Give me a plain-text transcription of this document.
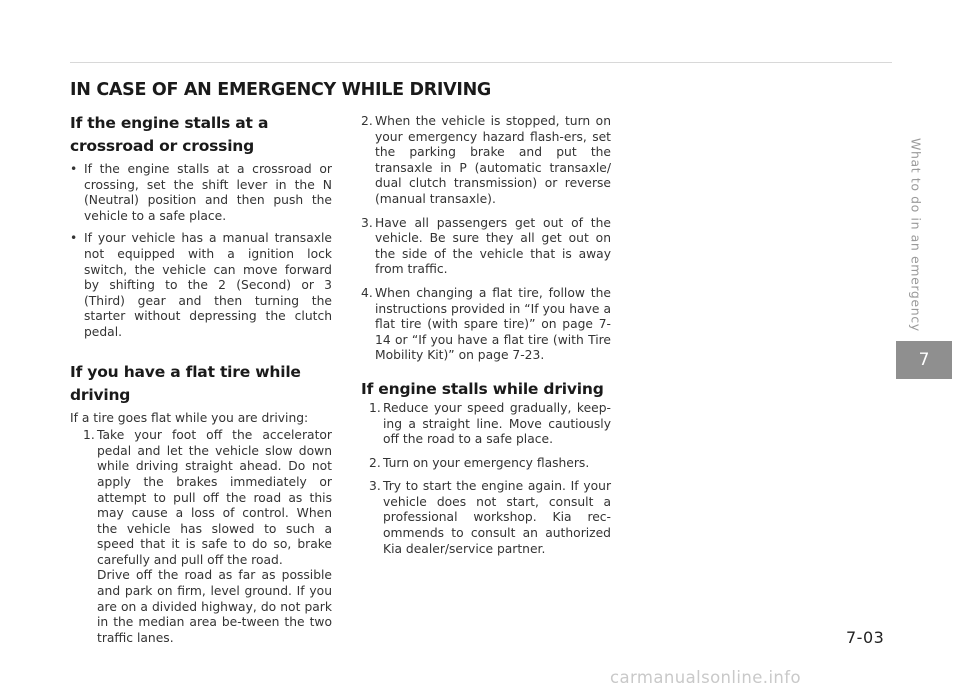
IN CASE OF AN EMERGENCY WHILE DRIVING
If the engine stalls at a
crossroad or crossing
• If the engine stalls at a crossroad or crossing, set the shift lever in the N (Neutral) position and then push the vehicle to a safe place.
• If your vehicle has a manual transaxle not equipped with a ignition lock switch, the vehicle can move forward by shifting to the 2 (Second) or 3 (Third) gear and then turning the starter without depressing the clutch pedal.
If you have a flat tire while
driving

If a tire goes flat while you are driving:

1. Take your foot off the accelerator pedal and let the vehicle slow down while driving straight ahead. Do not apply the brakes immediately or attempt to pull off the road as this may cause a loss of control. When the vehicle has slowed to such a speed that it is safe to do so, brake carefully and pull off the road.
Drive off the road as far as possible and park on firm, level ground. If you are on a divided highway, do not park in the median area be-tween the two traffic lanes.
2. When the vehicle is stopped, turn on your emergency hazard flash-ers, set the parking brake and put the transaxle in P (automatic transaxle/ dual clutch transmission) or reverse (manual transaxle).
3. Have all passengers get out of the vehicle. Be sure they all get out on the side of the vehicle that is away from traffic.
4. When changing a flat tire, follow the instructions provided in “If you have a flat tire (with spare tire)” on page 7-14 or “If you have a flat tire (with Tire Mobility Kit)” on page 7-23.
If engine stalls while driving
1. Reduce your speed gradually, keep-ing a straight line. Move cautiously off the road to a safe place.
2. Turn on your emergency flashers.
3. Try to start the engine again. If your vehicle does not start, consult a professional workshop. Kia rec-ommends to consult an authorized Kia dealer/service partner.
What to do in an emergency
7
7-03
carmanualsonline.info
